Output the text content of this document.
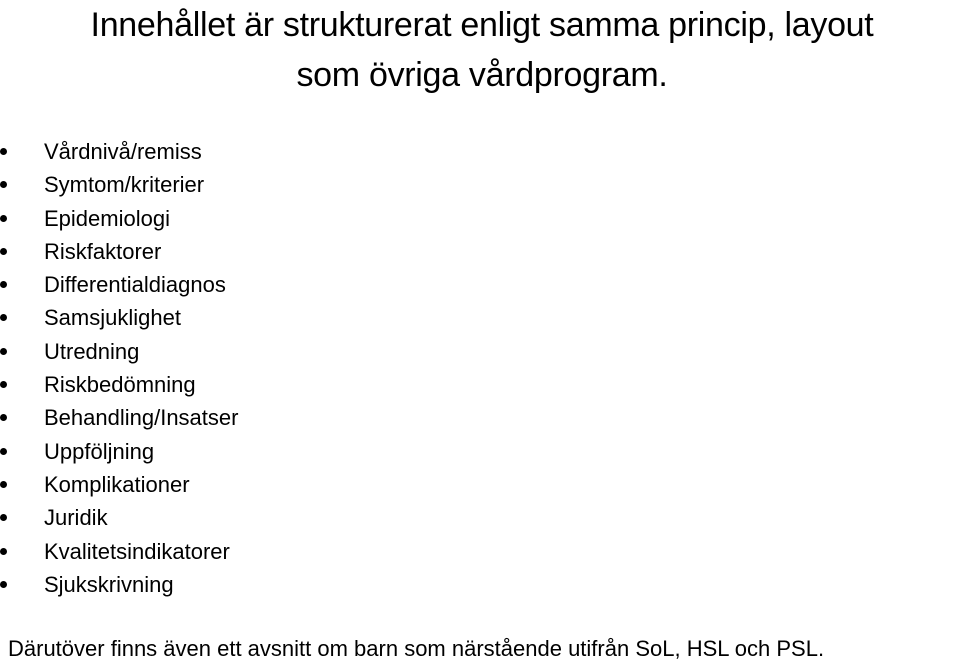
Innehållet är strukturerat enligt samma princip, layout
som övriga vårdprogram.
Vårdnivå/remiss
Symtom/kriterier
Epidemiologi
Riskfaktorer
Differentialdiagnos
Samsjuklighet
Utredning
Riskbedömning
Behandling/Insatser
Uppföljning
Komplikationer
Juridik
Kvalitetsindikatorer
Sjukskrivning

Därutöver finns även ett avsnitt om barn som närstående utifrån SoL, HSL och PSL.
